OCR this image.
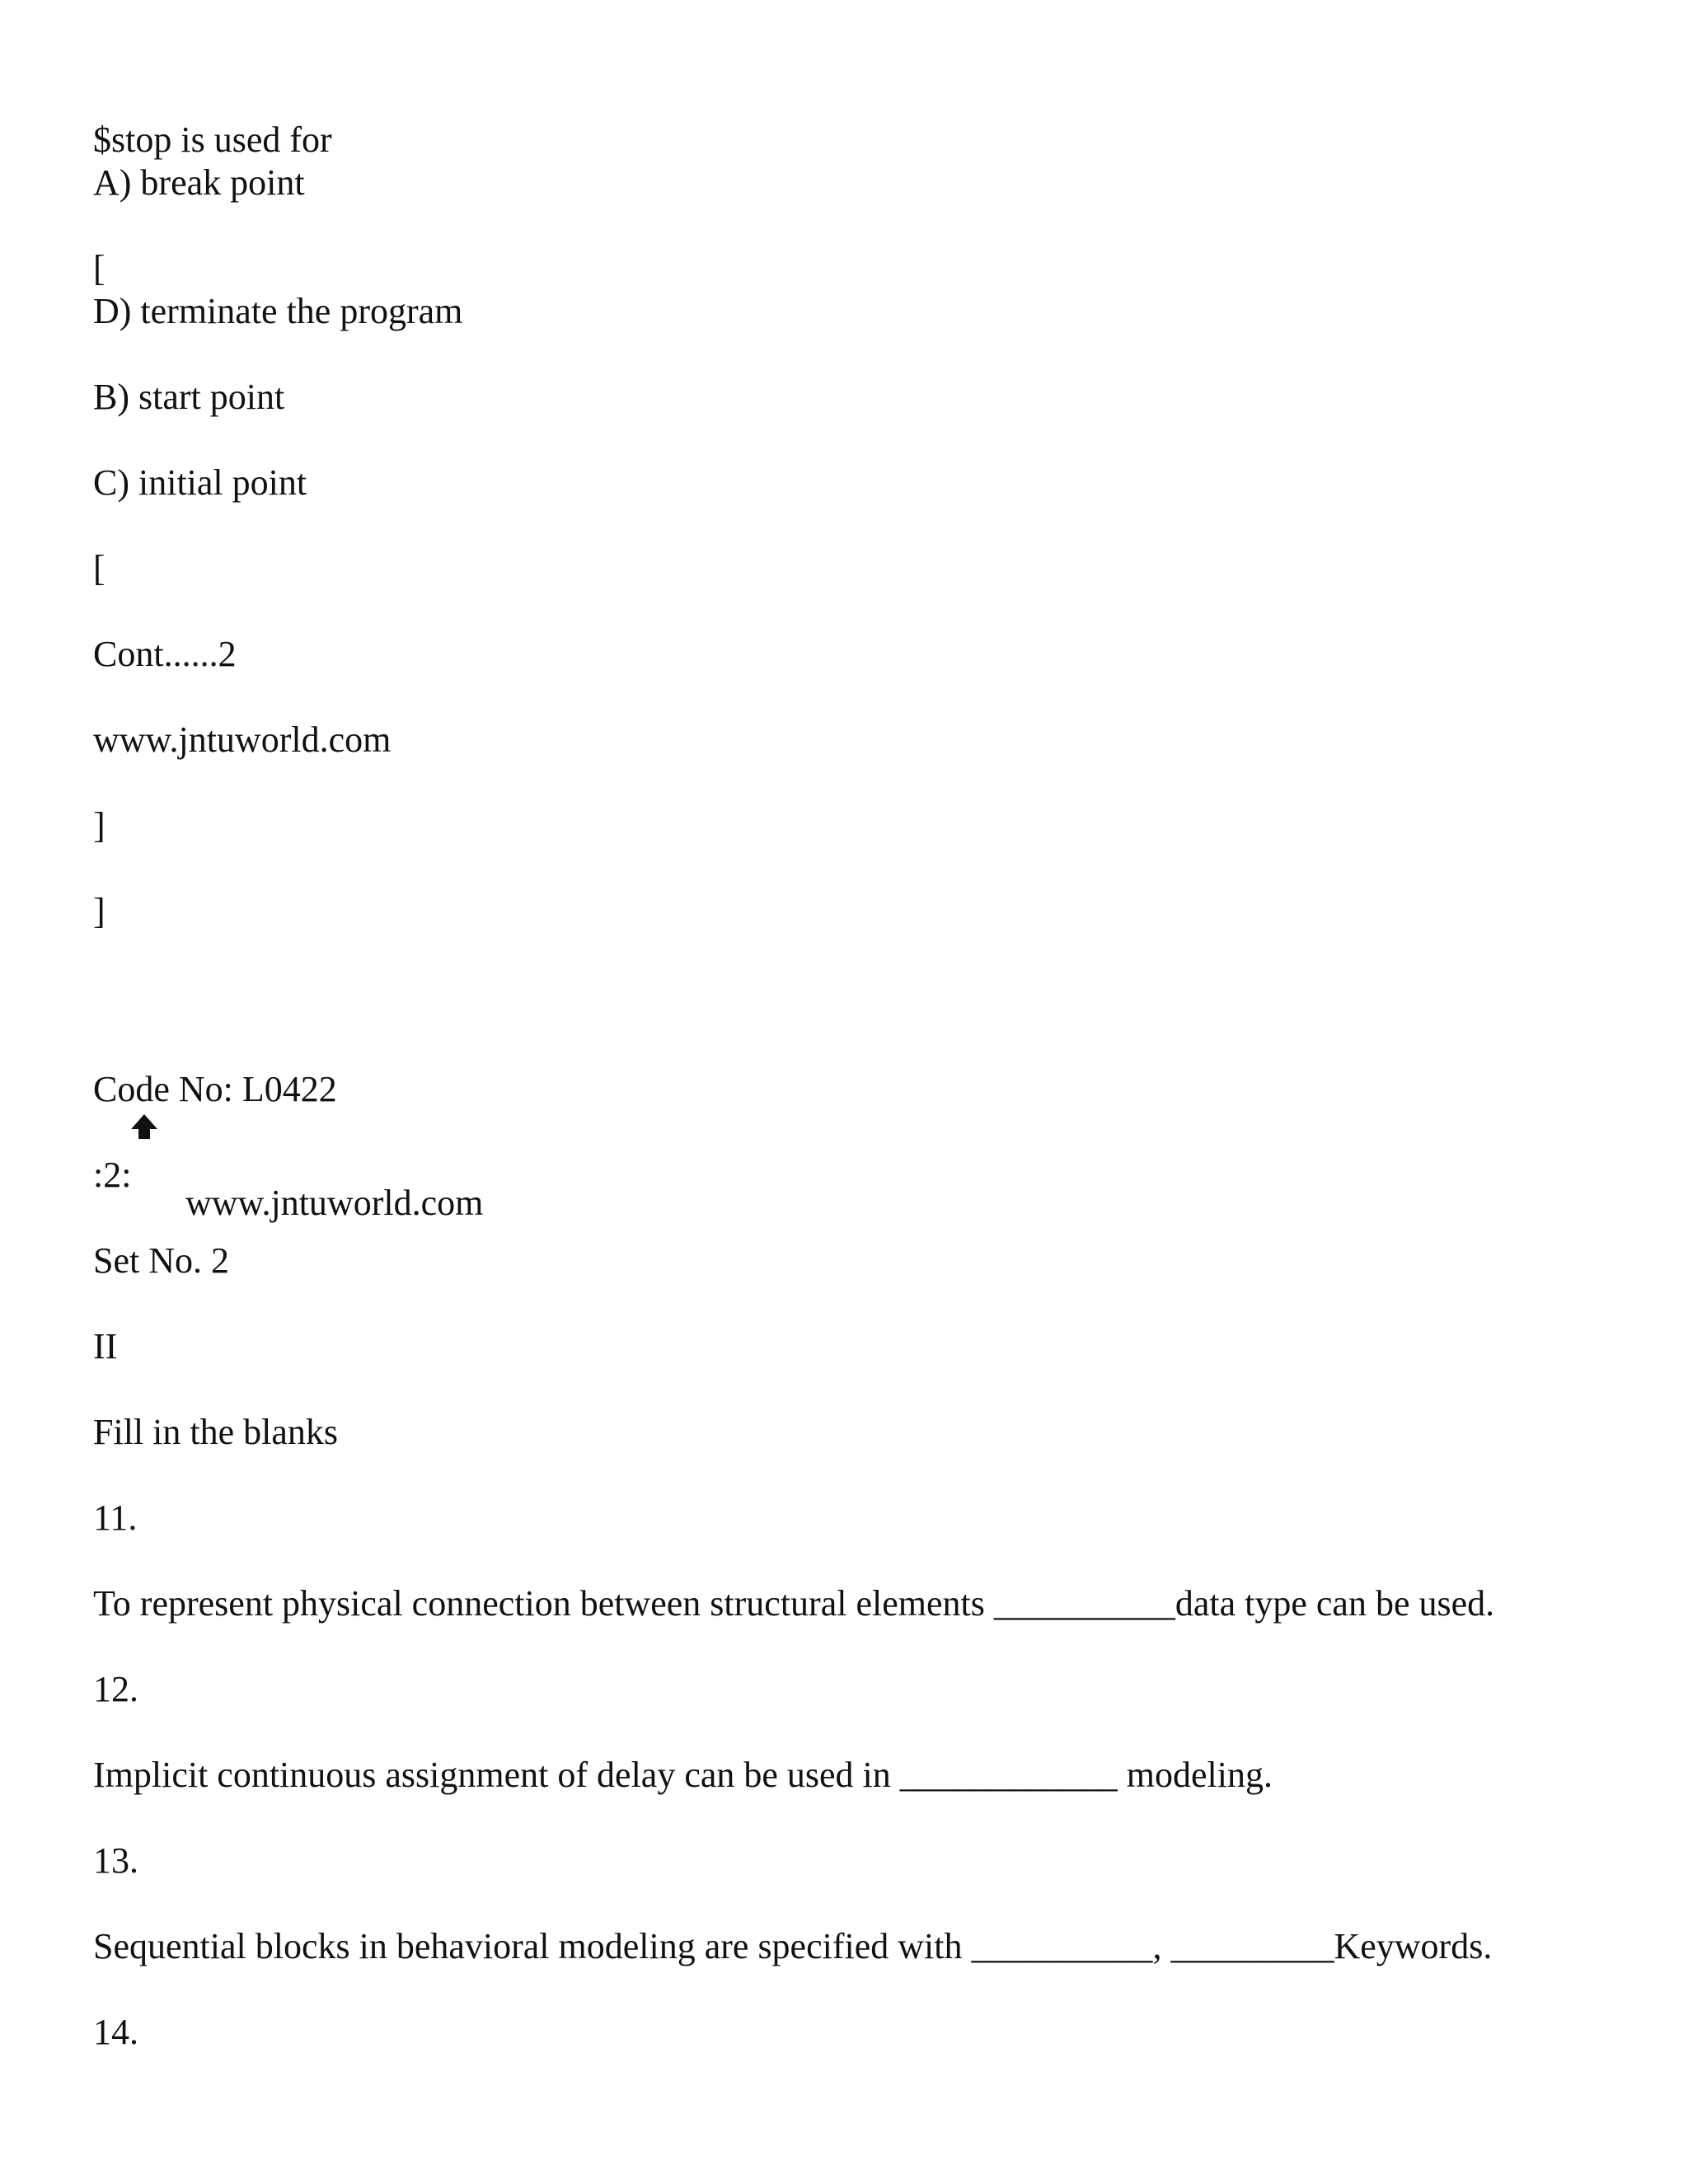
$stop is used for
A) break point
[
D) terminate the program
B) start point
C) initial point
[
Cont......2
www.jntuworld.com
]
]

www.jntuworld.com

Code No: L0422
:2:
Set No. 2
II
Fill in the blanks
11.
To represent physical connection between structural elements __________data type can be used.
12.
Implicit continuous assignment of delay can be used in ____________ modeling.
13.
Sequential blocks in behavioral modeling are specified with __________, _________Keywords.
14.
